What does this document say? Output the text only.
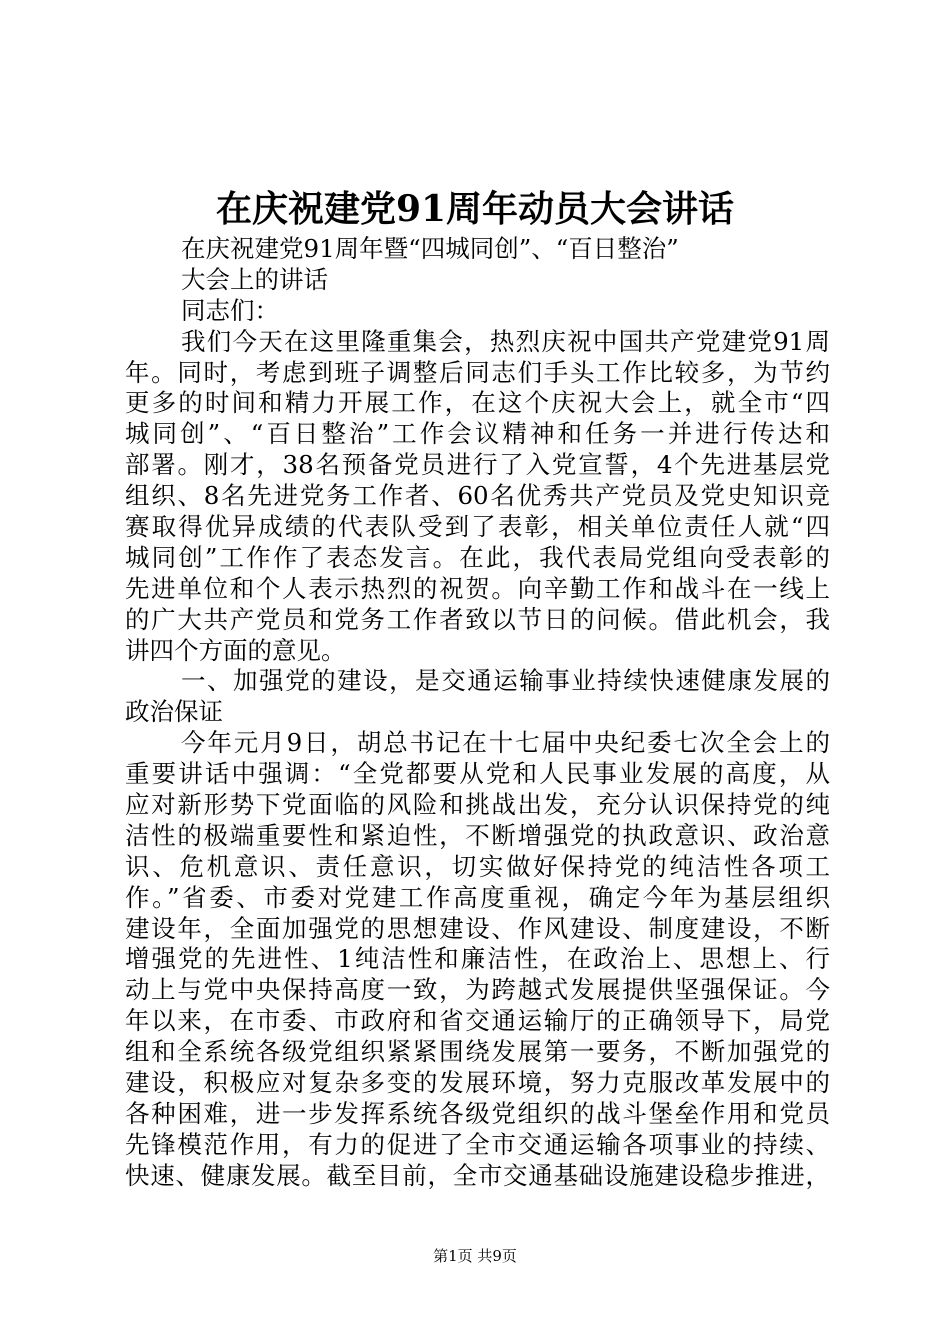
在庆祝建党91周年动员大会讲话
在庆祝建党91周年暨“四城同创”、“百日整治”
大会上的讲话
同志们：
我们今天在这里隆重集会，热烈庆祝中国共产党建党91周
年。同时，考虑到班子调整后同志们手头工作比较多，为节约
更多的时间和精力开展工作，在这个庆祝大会上，就全市“四
城同创”、“百日整治”工作会议精神和任务一并进行传达和
部署。刚才，38名预备党员进行了入党宣誓，4个先进基层党
组织、8名先进党务工作者、60名优秀共产党员及党史知识竞
赛取得优异成绩的代表队受到了表彰，相关单位责任人就“四
城同创”工作作了表态发言。在此，我代表局党组向受表彰的
先进单位和个人表示热烈的祝贺。向辛勤工作和战斗在一线上
的广大共产党员和党务工作者致以节日的问候。借此机会，我
讲四个方面的意见。
一、加强党的建设，是交通运输事业持续快速健康发展的
政治保证
今年元月9日，胡总书记在十七届中央纪委七次全会上的
重要讲话中强调：“全党都要从党和人民事业发展的高度，从
应对新形势下党面临的风险和挑战出发，充分认识保持党的纯
洁性的极端重要性和紧迫性，不断增强党的执政意识、政治意
识、危机意识、责任意识，切实做好保持党的纯洁性各项工
作。”省委、市委对党建工作高度重视，确定今年为基层组织
建设年，全面加强党的思想建设、作风建设、制度建设，不断
增强党的先进性、1纯洁性和廉洁性，在政治上、思想上、行
动上与党中央保持高度一致，为跨越式发展提供坚强保证。今
年以来，在市委、市政府和省交通运输厅的正确领导下，局党
组和全系统各级党组织紧紧围绕发展第一要务，不断加强党的
建设，积极应对复杂多变的发展环境，努力克服改革发展中的
各种困难，进一步发挥系统各级党组织的战斗堡垒作用和党员
先锋模范作用，有力的促进了全市交通运输各项事业的持续、
快速、健康发展。截至目前，全市交通基础设施建设稳步推进，
第1页 共9页
